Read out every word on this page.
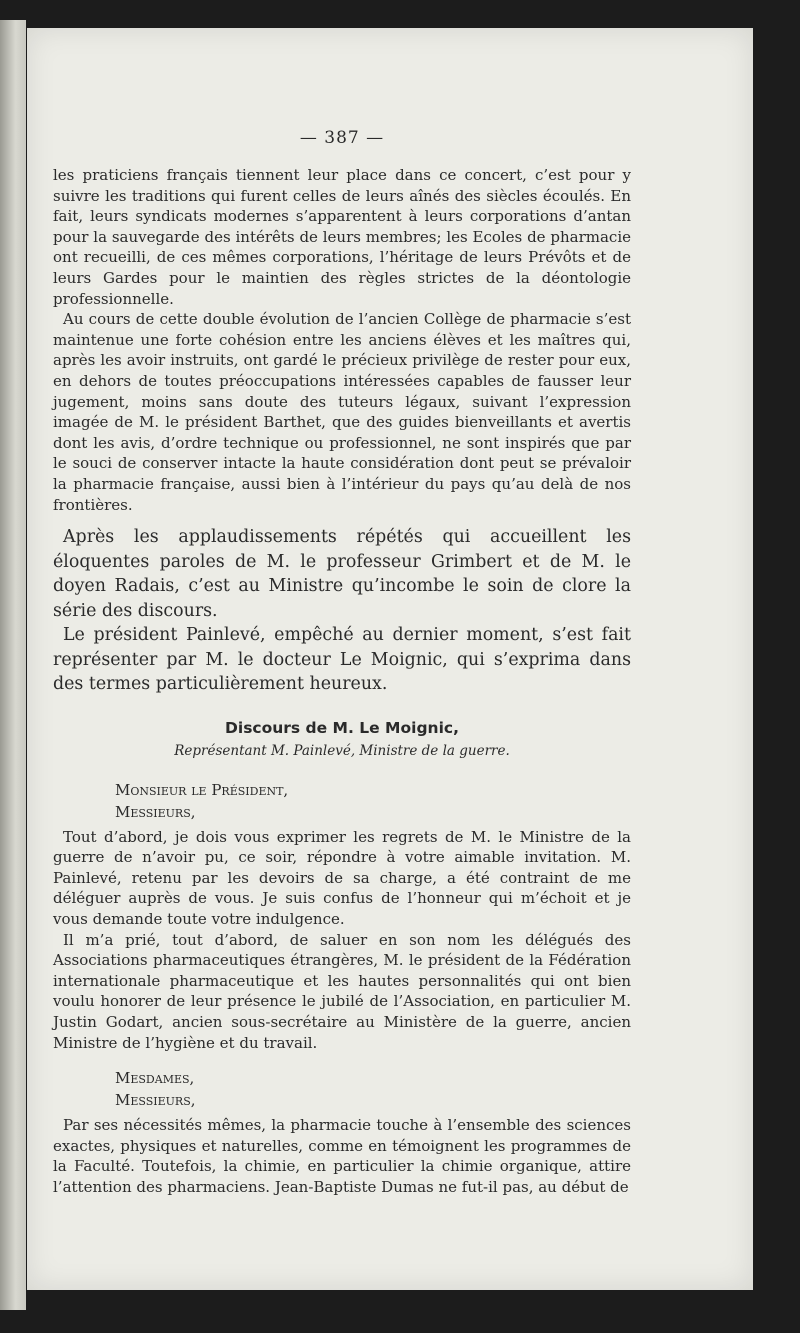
— 387 —

les praticiens français tiennent leur place dans ce concert, c’est pour y suivre les traditions qui furent celles de leurs aînés des siècles écoulés. En fait, leurs syndicats modernes s’apparentent à leurs corporations d’antan pour la sauvegarde des intérêts de leurs membres; les Ecoles de pharmacie ont recueilli, de ces mêmes corporations, l’héritage de leurs Prévôts et de leurs Gardes pour le maintien des règles strictes de la déontologie professionnelle.

Au cours de cette double évolution de l’ancien Collège de pharmacie s’est maintenue une forte cohésion entre les anciens élèves et les maîtres qui, après les avoir instruits, ont gardé le précieux privilège de rester pour eux, en dehors de toutes préoccupations intéressées capables de fausser leur jugement, moins sans doute des tuteurs légaux, suivant l’expression imagée de M. le président Barthet, que des guides bienveillants et avertis dont les avis, d’ordre technique ou professionnel, ne sont inspirés que par le souci de conserver intacte la haute considération dont peut se prévaloir la pharmacie française, aussi bien à l’intérieur du pays qu’au delà de nos frontières.

Après les applaudissements répétés qui accueillent les éloquentes paroles de M. le professeur Grimbert et de M. le doyen Radais, c’est au Ministre qu’incombe le soin de clore la série des discours.

Le président Painlevé, empêché au dernier moment, s’est fait représenter par M. le docteur Le Moignic, qui s’exprima dans des termes particulièrement heureux.

Discours de M. Le Moignic,
Représentant M. Painlevé, Ministre de la guerre.
Monsieur le Président,
Messieurs,

Tout d’abord, je dois vous exprimer les regrets de M. le Ministre de la guerre de n’avoir pu, ce soir, répondre à votre aimable invitation. M. Painlevé, retenu par les devoirs de sa charge, a été contraint de me déléguer auprès de vous. Je suis confus de l’honneur qui m’échoit et je vous demande toute votre indulgence.

Il m’a prié, tout d’abord, de saluer en son nom les délégués des Associations pharmaceutiques étrangères, M. le président de la Fédération internationale pharmaceutique et les hautes personnalités qui ont bien voulu honorer de leur présence le jubilé de l’Association, en particulier M. Justin Godart, ancien sous-secrétaire au Ministère de la guerre, ancien Ministre de l’hygiène et du travail.

Mesdames,
Messieurs,

Par ses nécessités mêmes, la pharmacie touche à l’ensemble des sciences exactes, physiques et naturelles, comme en témoignent les programmes de la Faculté. Toutefois, la chimie, en particulier la chimie organique, attire l’attention des pharmaciens. Jean-Baptiste Dumas ne fut-il pas, au début de
